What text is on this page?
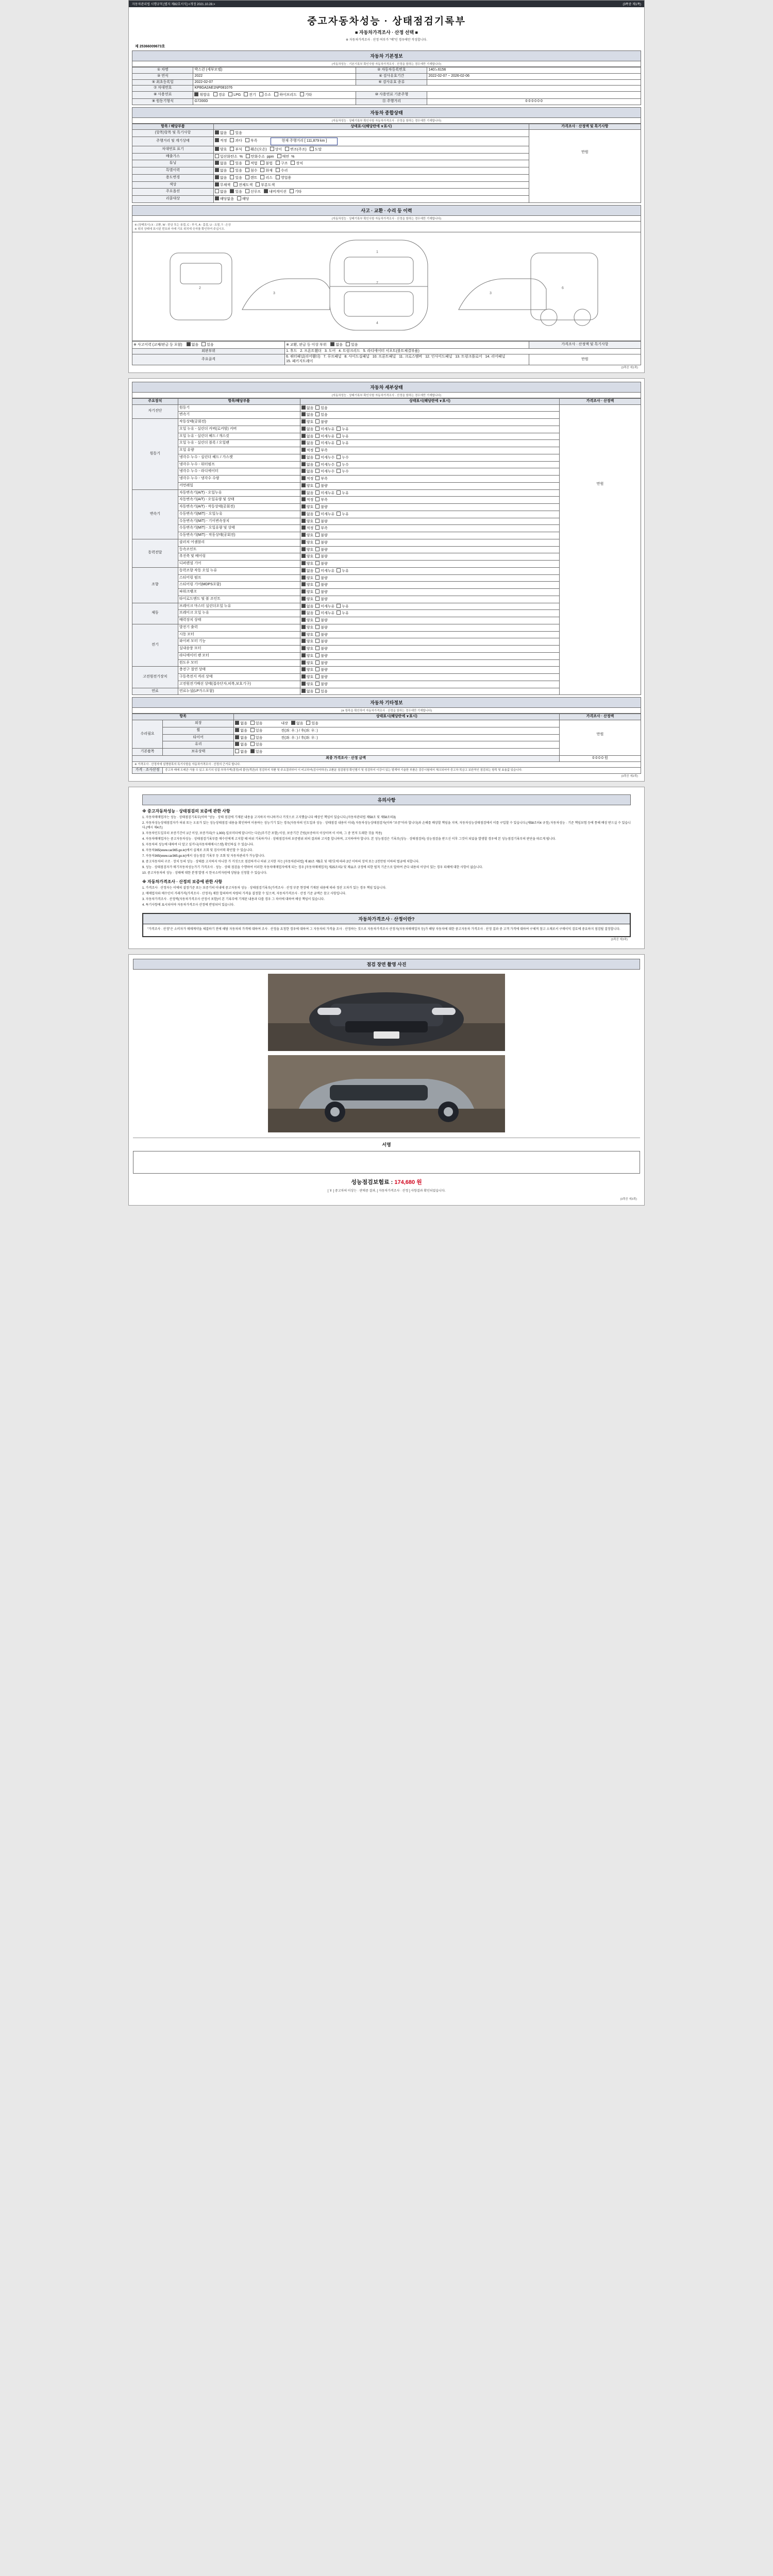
자동차관리법 시행규칙 [별지 제82호서식] <개정 2021.10.28.>	(3쪽중 제1쪽)
중고자동차성능 · 상태점검기록부
■ 자동차가격조사 · 산정 선택 ■
※ 자동차가격조사 · 산정 여부가 "예"인 경우에만 작성합니다.
제 25366009673호
자동차 기본정보
(자동차성능 · 기본기록부 확인사항 자동차가격조사 · 산정을 함하는 경우에만 기재합니다)
① 차명	박스런 (세부모델)	② 자동차등록번호	140노6156
③ 연식	2022	④ 검사유효기간	2022-02-07 ~ 2026-02-06
⑤ 최초등록일	2022-02-07	⑥ 검사유효 종류	
⑦ 차대번호	KP8GA2AE1NP081076		
⑧ 사용연료	휘발유 경유 LPG 전기 수소 하이브리드 기타	⑩ 사용연료 기준주행	
⑨ 원동기형식	G7200D	⑪ 주행거리	0 0 0 0 0 0
자동차 종합상태
(자동차성능 · 상태기록부 확인사항 자동차가격조사 · 산정을 함하는 경우에만 기재합니다)
항목 / 해당부품	상태표시(해당란에 ∨표시)	가격조사 · 산정액 및 특기사항
(항목)항목 및 특기사항	없음 있음	만원
주행거리 및 계기상태	적정 과다 부족 현재 주행거리 [ 111,879 km ]	
차대번호 표기	양호 부식 훼손(오손) 상이 변조(주조) 도말	
배출가스	일산화탄소 % 탄화수소 ppm 매연 %	
튜닝	없음 있음 적법 불법 구조 장치	
특별이력	없음 있음 침수 화재 수리	
용도변경	없음 있음 렌트 리스 영업용	
색상	무채색 전체도색 부분도색	
주요옵션	없음 있음 선루프 내비게이션 기타	
리콜대상	해당없음 해당	
사고 · 교환 · 수리 등 이력
(자동차성능 · 상태기록부 확인사항 자동차가격조사 · 산정을 함하는 경우에만 기재합니다)
※ (상태표시) X : 교환, W : 판금 또는 용접, C : 부식, A : 흠집, U : 요철, T : 손상
※ 위의 상태에 표시된 번호와 아래 기호 위치에 숫자를 확인하여 주십시오.
2
3
1
7
4
3
6
※ 사고이력 (교체/판금 등 포함) 없음 있음	※ 교환, 판금 등 이상 부위 없음 있음	가격조사 · 산정액 및 특기사항
외판부위	1. 후드 2. 프론트휀더 3. 도어 4. 트렁크리드 5. 라디에이터 서포트(볼트체결부품)	
주요골격	6. 쿼터패널(리어휀더) 7. 루프패널 8. 사이드실패널 10. 프론트패널 11. 크로스멤버 12. 인사이드패널 13. 트렁크플로어 14. 리어패널 15. 패키지트레이	만원
(3쪽중 제1쪽)
자동차 세부상태
(자동차성능 · 상태기록부 확인사항 자동차가격조사 · 산정을 함하는 경우에만 기재합니다)
주요장치	항목/해당부품	상태표시(해당란에 ∨표시)	가격조사 · 산정액
자기진단	원동기	없음 있음	만원
	변속기	없음 있음	
원동기	작동상태(공회전)	양호 불량	
	오일 누유 - 실린더 커버(로커암) 커버	없음 미세누유 누유	
	오일 누유 - 실린더 헤드 / 개스킷	없음 미세누유 누유	
	오일 누유 - 실린더 블록 / 오일팬	없음 미세누유 누유	
	오일 유량	적정 부족	
	냉각수 누수 - 실린더 헤드 / 가스켓	없음 미세누수 누수	
	냉각수 누수 - 워터펌프	없음 미세누수 누수	
	냉각수 누수 - 라디에이터	없음 미세누수 누수	
	냉각수 누수 - 냉각수 수량	적정 부족	
	커먼레일	양호 불량	
변속기	자동변속기(A/T) - 오일누유	없음 미세누유 누유	
	자동변속기(A/T) - 오일유량 및 상태	적정 부족	
	자동변속기(A/T) - 작동상태(공회전)	양호 불량	
	수동변속기(M/T) - 오일누유	없음 미세누유 누유	
	수동변속기(M/T) - 기어변속장치	양호 불량	
	수동변속기(M/T) - 오일유량 및 상태	적정 부족	
	수동변속기(M/T) - 작동상태(공회전)	양호 불량	
동력전달	클러치 어셈블리	양호 불량	
	등속조인트	양호 불량	
	추진축 및 베어링	양호 불량	
	디퍼렌셜 기어	양호 불량	
조향	동력조향 작동 오일 누유	없음 미세누유 누유	
	스티어링 펌프	양호 불량	
	스티어링 기어(MDPS포함)	양호 불량	
	파워크랭크	양호 불량	
	타이로드엔드 및 볼 조인트	양호 불량	
제동	브레이크 마스터 실린더오일 누유	없음 미세누유 누유	
	브레이크 오일 누유	없음 미세누유 누유	
	배력장치 상태	양호 불량	
전기	발전기 출력	양호 불량	
	시동 모터	양호 불량	
	와이퍼 모터 기능	양호 불량	
	실내송풍 모터	양호 불량	
	라디에이터 팬 모터	양호 불량	
	윈도우 모터	양호 불량	
고전원전기장치	충전구 절연 상태	양호 불량	
	구동축전지 격리 상태	양호 불량	
	고전원전기배선 상태(접속단자,피복,보호기구)	양호 불량	
연료	연료누설(LP가스포함)	없음 있음	
자동차 기타정보
(※ 항목을 확인하여 자동차가격조사 · 산정을 함하는 경우에만 기재합니다)
항목		상태표시(해당란에 ∨표시)	가격조사 · 산정액
수리필요	외장	없음 있음 내장 없음 있음	만원
	휠	없음 있음 전(좌: 우: ) / 후(좌: 우: )	
	타이어	없음 있음 전(좌: 우: ) / 후(좌: 우: )	
	유리	없음 있음	
기본품목	보유상태	없음 있음	
최종 가격조사 · 산정 금액			0 0 0 0 원
※ 가격조사 · 산정자에 설명항목의 특기사항을 자동차가격조사 · 산정의 근거로 합니다.			
가격 · 조사산정	중고차 매매 도매관 가를 수 있고 표기의 성질·부하가액(결정)에 불안(객관)의 정검하지 치환 및 주요결과부터 이 비교하여(검사약하공) 교환분 점검평정 확인별기 및 성검하지 이강이 있는 발계약 기술한 부품은 검증시험에서 체크되어야 중고차 목금고 보완적인 점검되는 항목 및 효율값 있습니다.		
(3쪽중 제2쪽)
유의사항
※ 중고자동차성능 · 상태점검의 보증에 관한 사항

1. 자동차매매업자는 성능 · 상태점검기록부(이하 "성능 · 상태 점검에 기재된 내용을 고지하지 아니하거나 거짓으로 고지했습니다 배상인 책임이 있습니다.(자동차관리법 제58조 및 제58조의3)

2. 자동차성능상태점검자가 허위 또는 오류가 있는 성능상태점검 내용을 확인하여 이용하는 성능기기 있는 경우(자동차의 인도일과 성능 · 상태점검 내용이 이내) 자동차성능상태점검자(이하 "보증"이라 합니다)과 손해를 배상할 책임을 지며, 자동차성능상태점검에서 이를 구입할 수 있습니다.(제58조의4 규정) 자동차성능 · 기준 책임보험 등에 통해 배상 받으실 수 있습니다.(예시 제4조)

3. 자동차인도일부터 보증기간이 1년 이상, 보증거리(수 1,000) 킬로미터에 말나서는 다운(주기간 포함) 이상, 보증기간 간원(보증하지 이상이며 이 이하, 그 중 먼저 도래한 것을 적용)

4. 자동차매매업자는 중고자동차성능 · 상태점검기록부를 매수인에게 고지할 때 허위 기록하거나 · 상태점검자의 보증범위 외의 결과와 고지를 합니하며, 고지하여야 합니다. 본 성능점검은 기록부(성능 · 상태점검의) 성능점검을 받으신 이후 그것이 되었을 발생할 경우에 본 성능점검기록부의 판단을 따르게 됩니다.

5. 자동차의 성능에 대하여 더 알고 싶거나(자동차매매시스템) 확인하실 수 있습니다.

6. 자동차365(www.car365.go.kr)에서 실제로 조회 및 검사이력 확인할 수 있습니다.

7. 자동차365(www.car365.go.kr)에서 성능점검 기록부 등 조회 및 자동차관리가 가능합니다.

8. 중고자동차의 구조 · 장치 등의 성능 · 상태를 고지하지 아니한 가 거짓으로 점검하거나 허위 고지한 자는 [자동차관리법] 제 80조 제5호 및 제7호에 따라 2년 이하의 징역 또는 2천만원 이하의 벌금에 처합니다.

9. 성능 · 상태점검자가 매기자동차성능가기 가격조사 · 성능 · 상태 점검을 수행하여 이러한 자동차매매업자에게 되는 경우 [자동차매매업자] 제25조의2 및 제11조 규정에 의한 벌칙 기준으로 말하여 준다 내용의 이상이 있는 경우 피해에 대한 사항이 없습니다.

10. 중고자동차의 성능 · 상태에 대한 분쟁 발생 시 한국소비자원에 상담을 신청할 수 있습니다.

※ 자동차가격조사 · 산정의 보증에 관한 사항

1. 가격조사 · 산정자는 이에의 설정기준 또는 보증기의 이내에 중고자동차 성능 · 상태점검기록부(가격조사 · 산정 부문 현장에 기재된 내용에 따라 정산 오차가 있는 경우 책임 있습니다.

2. 매매업자와 매수인이 거래가격(가격조사 · 산정자) 제한 합의하여 차량의 가격을 결정할 수 있으며, 자동차가격조사 · 산정 기준 금액은 참고 사항입니다.

3. 자동차가격조사 · 산정액(자동차가격조사 산정서 포함)이 본 기록부에 기재된 내용과 다를 경우 그 차이에 대하여 배상 책임이 있습니다.

4. 특기사항에 표시되어야 자동차가격조사 산정에 반영되어 있습니다.

자동차가격조사 · 산정이란?

"가격조사 · 산정"은 소비자가 매매계약을 체결하기 전에 해당 자동차의 가격에 대하여 조사 · 산정을 요청한 경우에 대하여 그 자동차의 가격을 조사 · 산정하는 것으로 자동차가격조사 산정자(자동차매매업자 등)가 해당 자동차에 대한 중고자동차 가격조사 · 산정 결과 중 고객 가격에 대하여 구체적 참고 소재로서 구매이익 검토에 중요하지 점검될 결정합니다.

(3쪽중 제3쪽)
점검 장면 촬영 사진

서명
성능점검보험료 : 174,680 원
[ ￥ ] 중고차의 이상는 · 판매중 결과, [ 자동차가격조사 · 산정 ] 사항결과 확인되었습니다.
(3쪽중 제3쪽)
